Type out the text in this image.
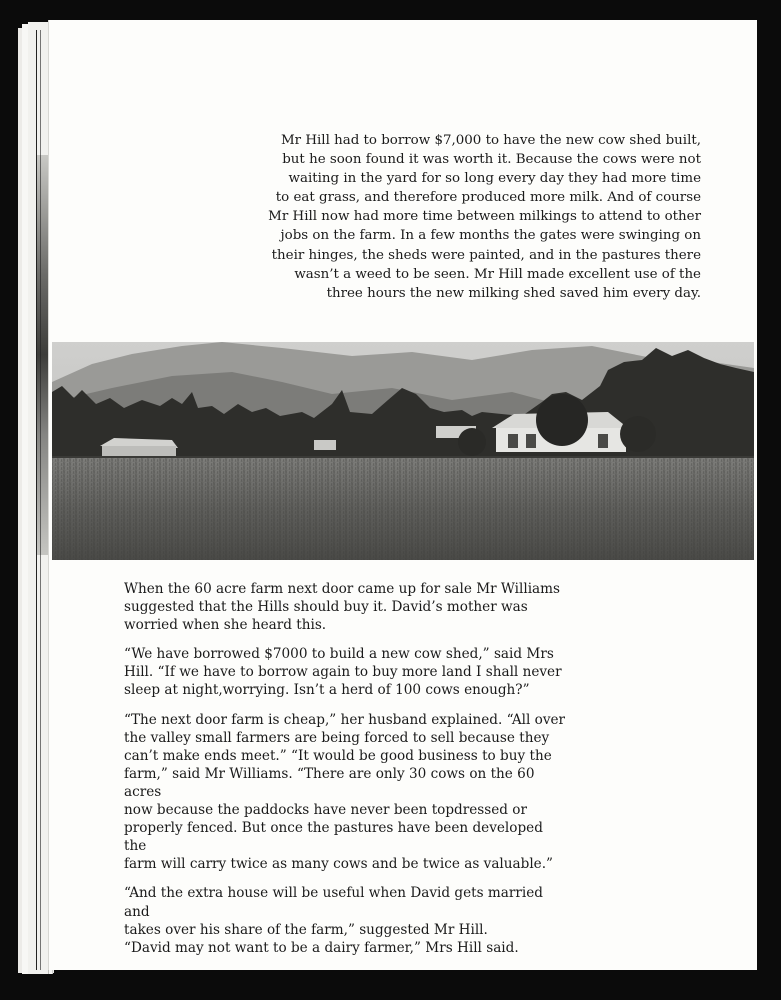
Mr Hill had to borrow $7,000 to have the new cow shed built,
but he soon found it was worth it. Because the cows were not
waiting in the yard for so long every day they had more time
to eat grass, and therefore produced more milk. And of course
Mr Hill now had more time between milkings to attend to other
jobs on the farm. In a few months the gates were swinging on
their hinges, the sheds were painted, and in the pastures there
wasn’t a weed to be seen. Mr Hill made excellent use of the
three hours the new milking shed saved him every day.

When the 60 acre farm next door came up for sale Mr Williams
suggested that the Hills should buy it. David’s mother was
worried when she heard this.

“We have borrowed $7000 to build a new cow shed,” said Mrs
Hill. “If we have to borrow again to buy more land I shall never
sleep at night,worrying. Isn’t a herd of 100 cows enough?”

“The next door farm is cheap,” her husband explained. “All over
the valley small farmers are being forced to sell because they
can’t make ends meet.” “It would be good business to buy the
farm,” said Mr Williams. “There are only 30 cows on the 60 acres
now because the paddocks have never been topdressed or
properly fenced. But once the pastures have been developed the
farm will carry twice as many cows and be twice as valuable.”

“And the extra house will be useful when David gets married and
takes over his share of the farm,” suggested Mr Hill.
“David may not want to be a dairy farmer,” Mrs Hill said.
